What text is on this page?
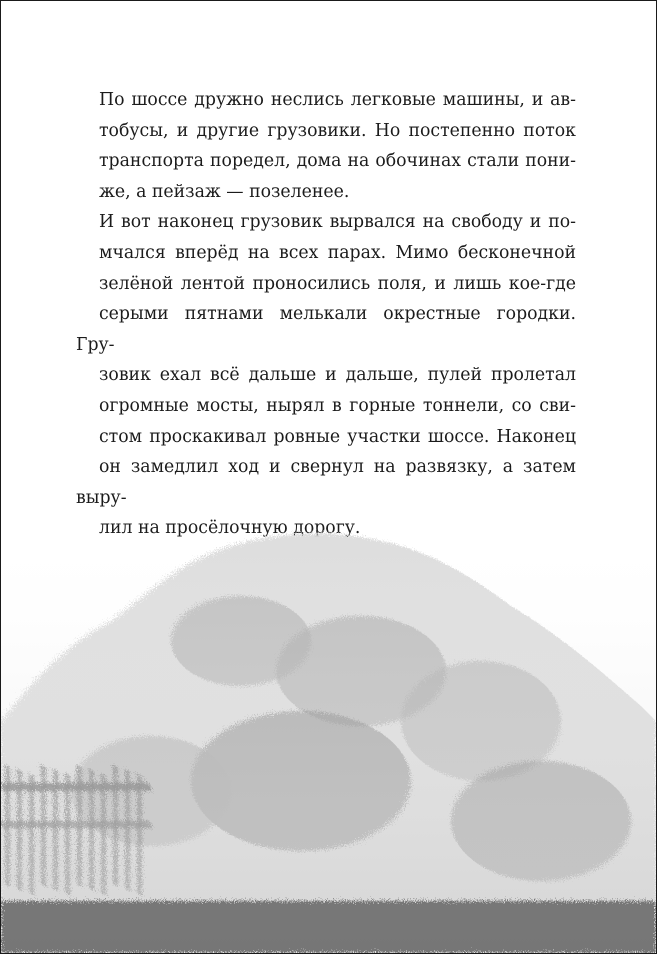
По шоссе дружно неслись легковые машины, и ав-
тобусы, и другие грузовики. Но постепенно поток
транспорта поредел, дома на обочинах стали пони-
же, а пейзаж — позеленее.

И вот наконец грузовик вырвался на свободу и по-
мчался вперёд на всех парах. Мимо бесконечной
зелёной лентой проносились поля, и лишь кое-где
серыми пятнами мелькали окрестные городки. Гру-
зовик ехал всё дальше и дальше, пулей пролетал
огромные мосты, нырял в горные тоннели, со сви-
стом проскакивал ровные участки шоссе. Наконец
он замедлил ход и свернул на развязку, а затем выру-
